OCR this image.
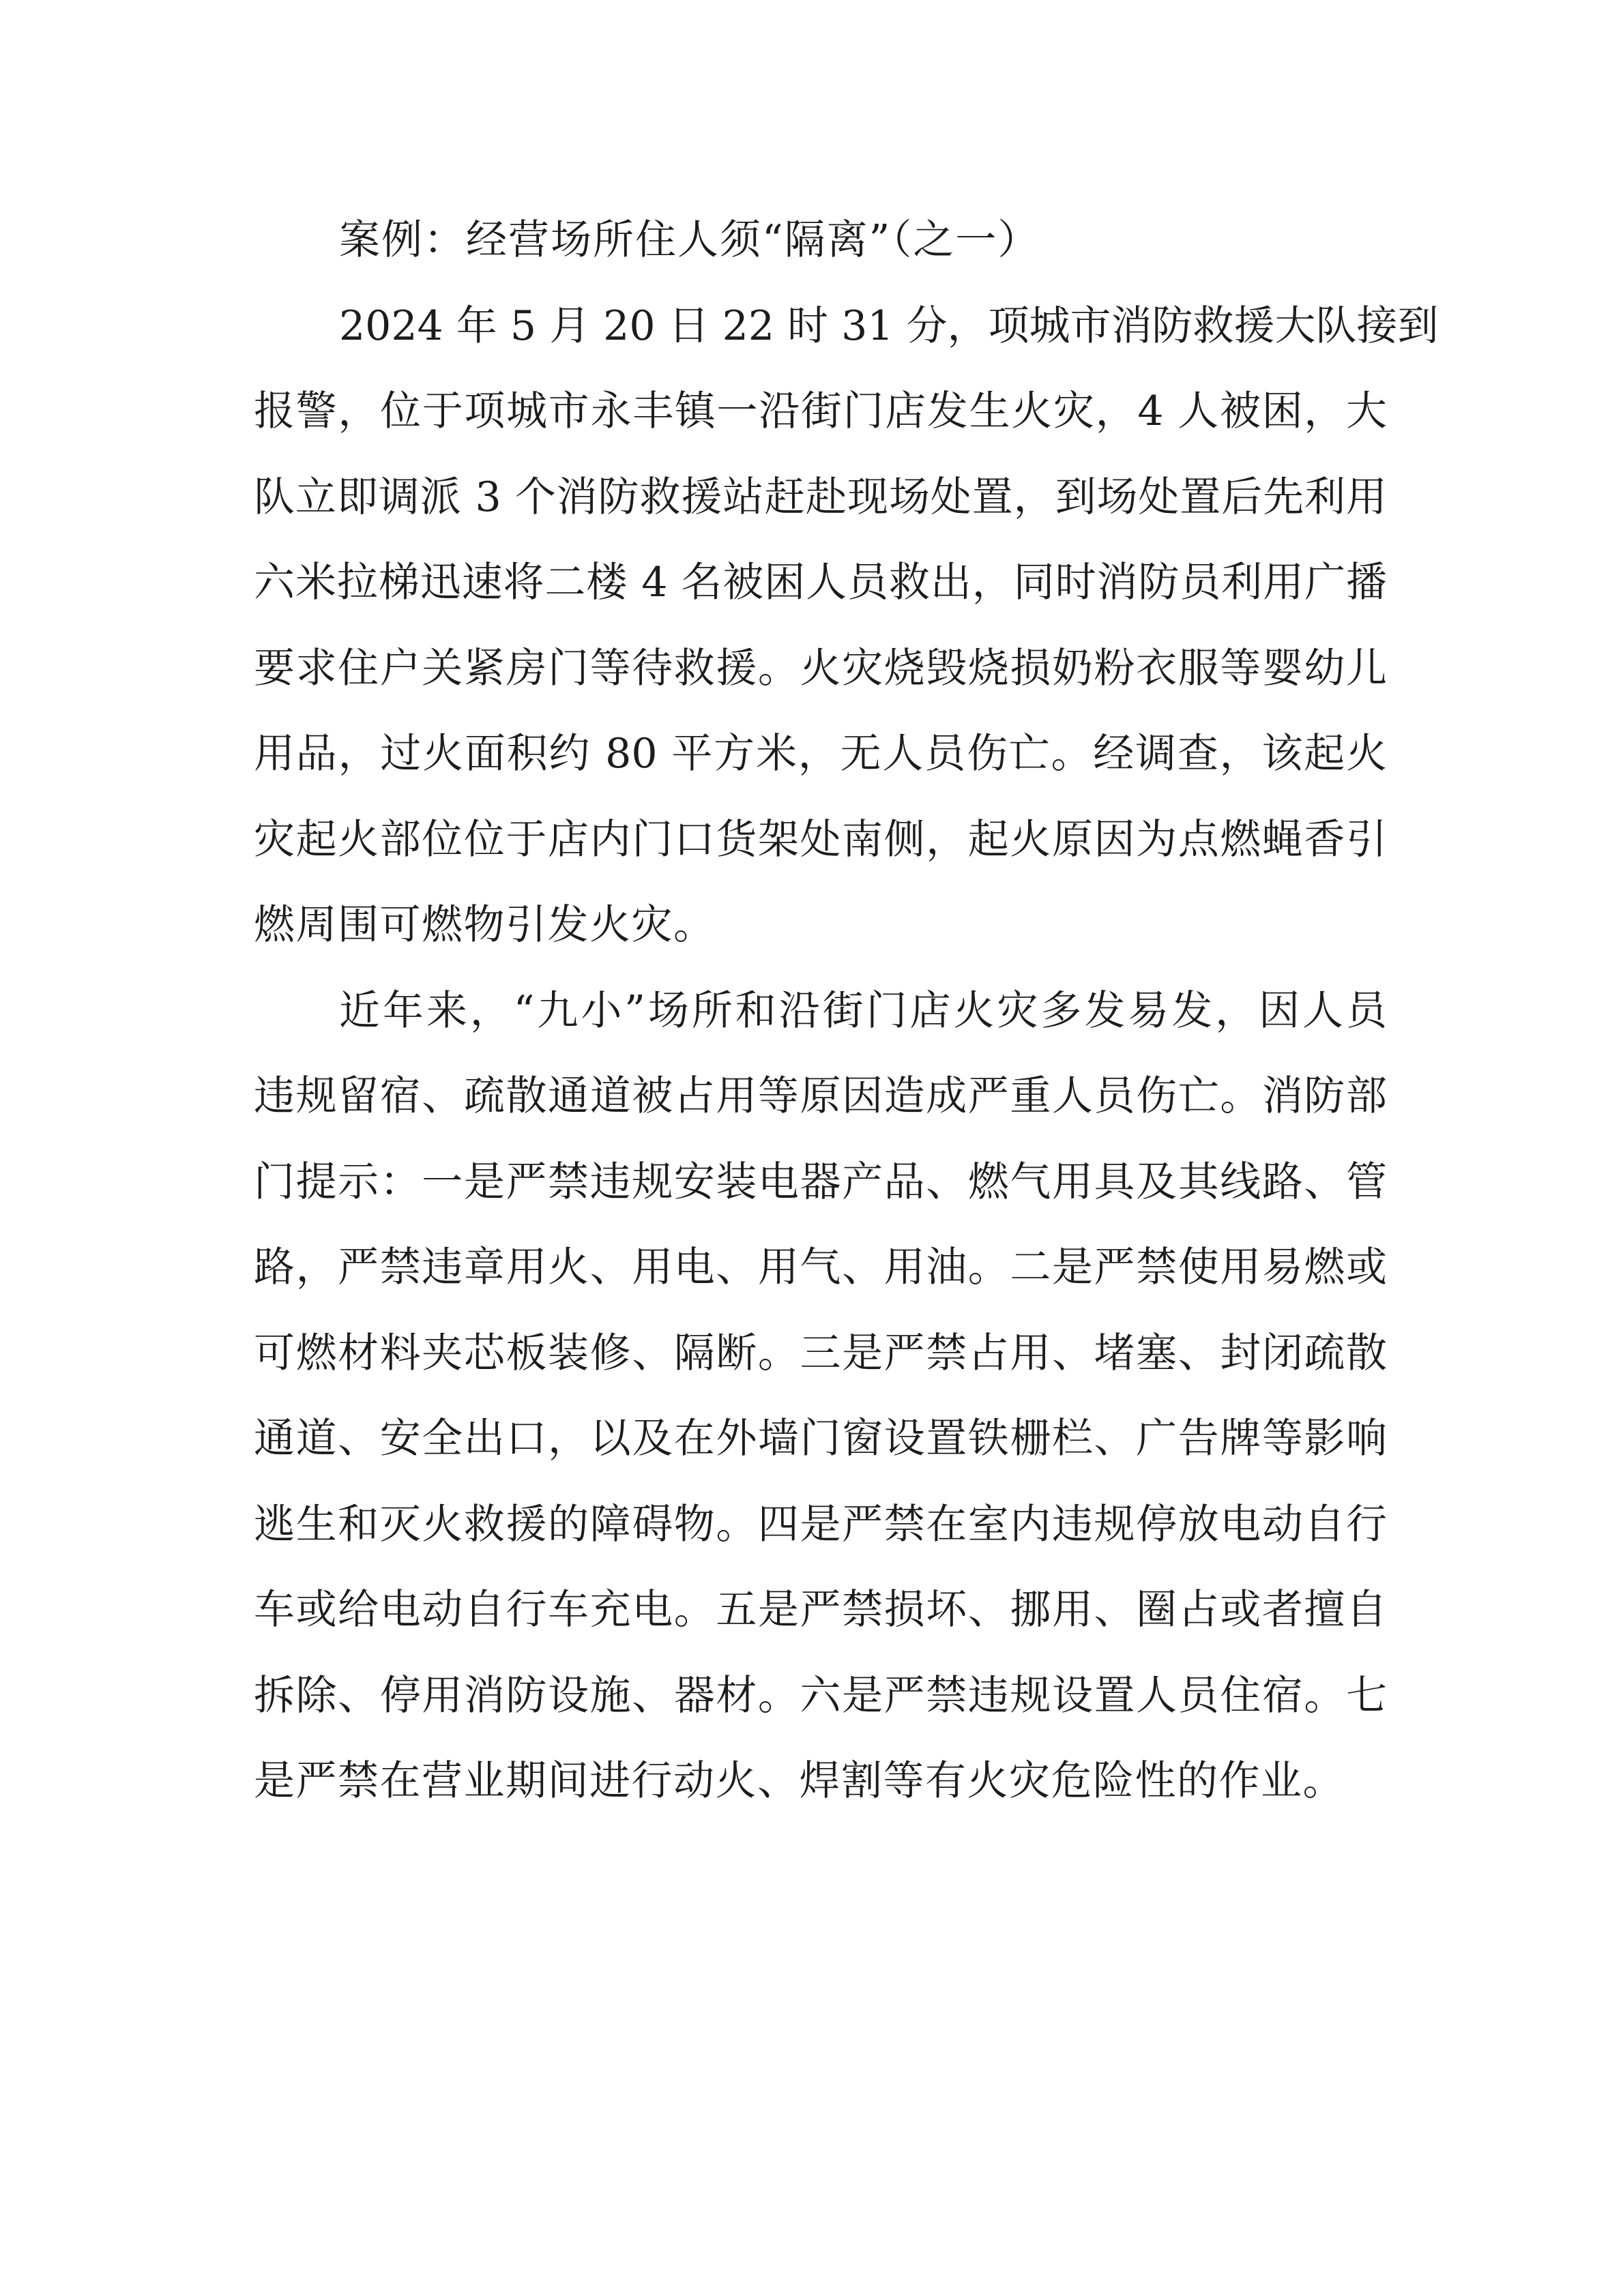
案例：经营场所住人须“隔离”（之一）
2024 年 5 月 20 日 22 时 31 分，项城市消防救援大队接到
报警，位于项城市永丰镇一沿街门店发生火灾，4 人被困，大
队立即调派 3 个消防救援站赶赴现场处置，到场处置后先利用
六米拉梯迅速将二楼 4 名被困人员救出，同时消防员利用广播
要求住户关紧房门等待救援。火灾烧毁烧损奶粉衣服等婴幼儿
用品，过火面积约 80 平方米，无人员伤亡。经调查，该起火
灾起火部位位于店内门口货架处南侧，起火原因为点燃蝇香引
燃周围可燃物引发火灾。
近年来，“九小”场所和沿街门店火灾多发易发，因人员
违规留宿、疏散通道被占用等原因造成严重人员伤亡。消防部
门提示：一是严禁违规安装电器产品、燃气用具及其线路、管
路，严禁违章用火、用电、用气、用油。二是严禁使用易燃或
可燃材料夹芯板装修、隔断。三是严禁占用、堵塞、封闭疏散
通道、安全出口，以及在外墙门窗设置铁栅栏、广告牌等影响
逃生和灭火救援的障碍物。四是严禁在室内违规停放电动自行
车或给电动自行车充电。五是严禁损坏、挪用、圈占或者擅自
拆除、停用消防设施、器材。六是严禁违规设置人员住宿。七
是严禁在营业期间进行动火、焊割等有火灾危险性的作业。
